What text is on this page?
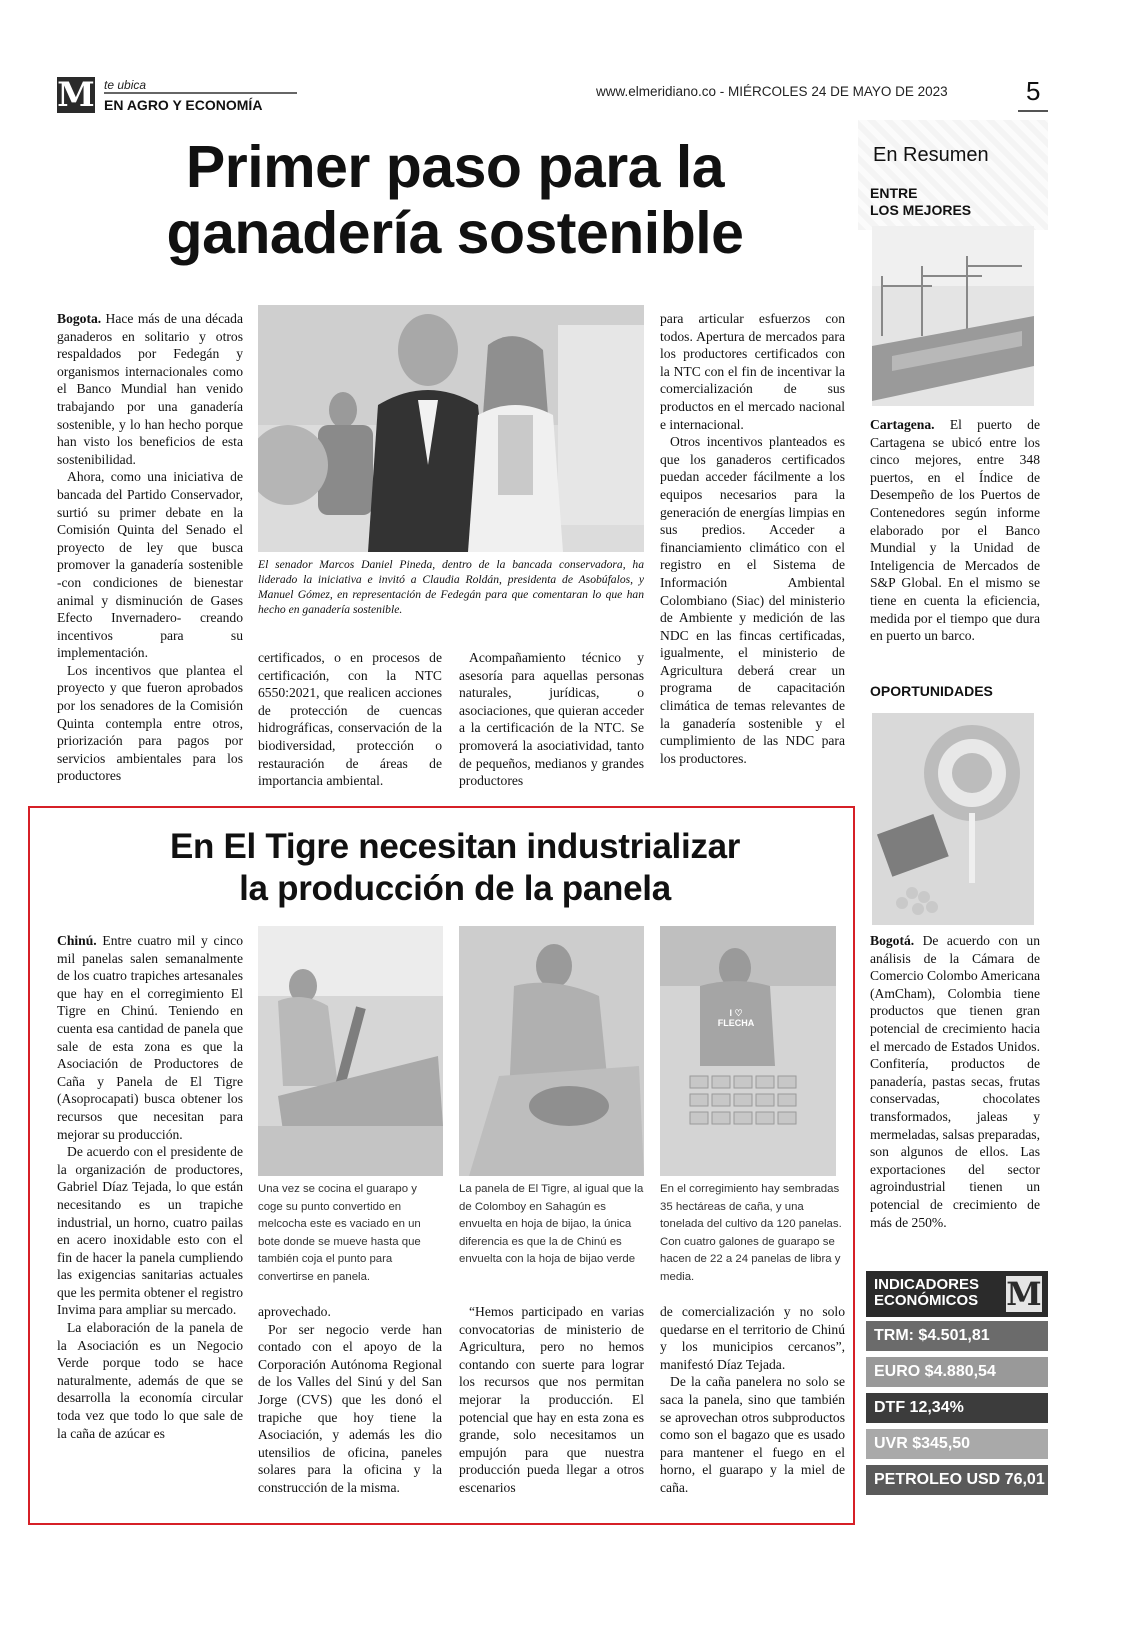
M te ubica
EN AGRO Y ECONOMÍA
www.elmeridiano.co - MIÉRCOLES 24 DE MAYO DE 2023	5
Primer paso para la
ganadería sostenible

Bogota. Hace más de una década ganaderos en solitario y otros respaldados por Fedegán y organismos internacionales como el Banco Mundial han venido trabajando por una ganadería sostenible, y lo han hecho porque han visto los beneficios de esta sostenibilidad.

Ahora, como una iniciativa de bancada del Partido Conservador, surtió su primer debate en la Comisión Quinta del Senado el proyecto de ley que busca promover la ganadería sostenible -con condiciones de bienestar animal y disminución de Gases Efecto Invernadero- creando incentivos para su implementación.

Los incentivos que plantea el proyecto y que fueron aprobados por los senadores de la Comisión Quinta contempla entre otros, priorización para pagos por servicios ambientales para los productores

El senador Marcos Daniel Pineda, dentro de la bancada conservadora, ha liderado la iniciativa e invitó a Claudia Roldán, presidenta de Asobúfalos, y Manuel Gómez, en representación de Fedegán para que comentaran lo que han hecho en ganadería sostenible.

certificados, o en procesos de certificación, con la NTC 6550:2021, que realicen acciones de protección de cuencas hidrográficas, conservación de la biodiversidad, protección o restauración de áreas de importancia ambiental.

Acompañamiento técnico y asesoría para aquellas personas naturales, jurídicas, o asociaciones, que quieran acceder a la certificación de la NTC. Se promoverá la asociatividad, tanto de pequeños, medianos y grandes productores

para articular esfuerzos con todos. Apertura de mercados para los productores certificados con la NTC con el fin de incentivar la comercialización de sus productos en el mercado nacional e internacional.

Otros incentivos planteados es que los ganaderos certificados puedan acceder fácilmente a los equipos necesarios para la generación de energías limpias en sus predios. Acceder a financiamiento climático con el registro en el Sistema de Información Ambiental Colombiano (Siac) del ministerio de Ambiente y medición de las NDC en las fincas certificadas, igualmente, el ministerio de Agricultura deberá crear un programa de capacitación climática de temas relevantes de la ganadería sostenible y el cumplimiento de las NDC para los productores.

En El Tigre necesitan industrializar
la producción de la panela

Chinú. Entre cuatro mil y cinco mil panelas salen semanalmente de los cuatro trapiches artesanales que hay en el corregimiento El Tigre en Chinú. Teniendo en cuenta esa cantidad de panela que sale de esta zona es que la Asociación de Productores de Caña y Panela de El Tigre (Asoprocapati) busca obtener los recursos que necesitan para mejorar su producción.

De acuerdo con el presidente de la organización de productores, Gabriel Díaz Tejada, lo que están necesitando es un trapiche industrial, un horno, cuatro pailas en acero inoxidable esto con el fin de hacer la panela cumpliendo las exigencias sanitarias actuales que les permita obtener el registro Invima para ampliar su mercado.

La elaboración de la panela de la Asociación es un Negocio Verde porque todo se hace naturalmente, además de que se desarrolla la economía circular toda vez que todo lo que sale de la caña de azúcar es

I ♡
FLECHA
Una vez se cocina el guarapo y coge su punto convertido en melcocha este es vaciado en un bote donde se mueve hasta que también coja el punto para convertirse en panela.
La panela de El Tigre, al igual que la de Colomboy en Sahagún es envuelta en hoja de bijao, la única diferencia es que la de Chinú es envuelta con la hoja de bijao verde
En el corregimiento hay sembradas 35 hectáreas de caña, y una tonelada del cultivo da 120 panelas. Con cuatro galones de guarapo se hacen de 22 a 24 panelas de libra y media.

aprovechado.

Por ser negocio verde han contado con el apoyo de la Corporación Autónoma Regional de los Valles del Sinú y del San Jorge (CVS) que les donó el trapiche que hoy tiene la Asociación, y además les dio utensilios de oficina, paneles solares para la oficina y la construcción de la misma.

“Hemos participado en varias convocatorias de ministerio de Agricultura, pero no hemos contando con suerte para lograr los recursos que nos permitan mejorar la producción. El potencial que hay en esta zona es grande, solo necesitamos un empujón para que nuestra producción pueda llegar a otros escenarios

de comercialización y no solo quedarse en el territorio de Chinú y los municipios cercanos”, manifestó Díaz Tejada.

De la caña panelera no solo se saca la panela, sino que también se aprovechan otros subproductos como son el bagazo que es usado para mantener el fuego en el horno, el guarapo y la miel de caña.

En Resumen
ENTRE
LOS MEJORES

Cartagena. El puerto de Cartagena se ubicó entre los cinco mejores, entre 348 puertos, en el Índice de Desempeño de los Puertos de Contenedores según informe elaborado por el Banco Mundial y la Unidad de Inteligencia de Mercados de S&P Global. En el mismo se tiene en cuenta la eficiencia, medida por el tiempo que dura en puerto un barco.

OPORTUNIDADES

Bogotá. De acuerdo con un análisis de la Cámara de Comercio Colombo Americana (AmCham), Colombia tiene productos que tienen gran potencial de crecimiento hacia el mercado de Estados Unidos. Confitería, productos de panadería, pastas secas, frutas conservadas, chocolates transformados, jaleas y mermeladas, salsas preparadas, son algunos de ellos. Las exportaciones del sector agroindustrial tienen un potencial de crecimiento de más de 250%.

INDICADORES
ECONÓMICOS M
TRM: $4.501,81
EURO $4.880,54
DTF 12,34%
UVR $345,50
PETROLEO USD 76,01
